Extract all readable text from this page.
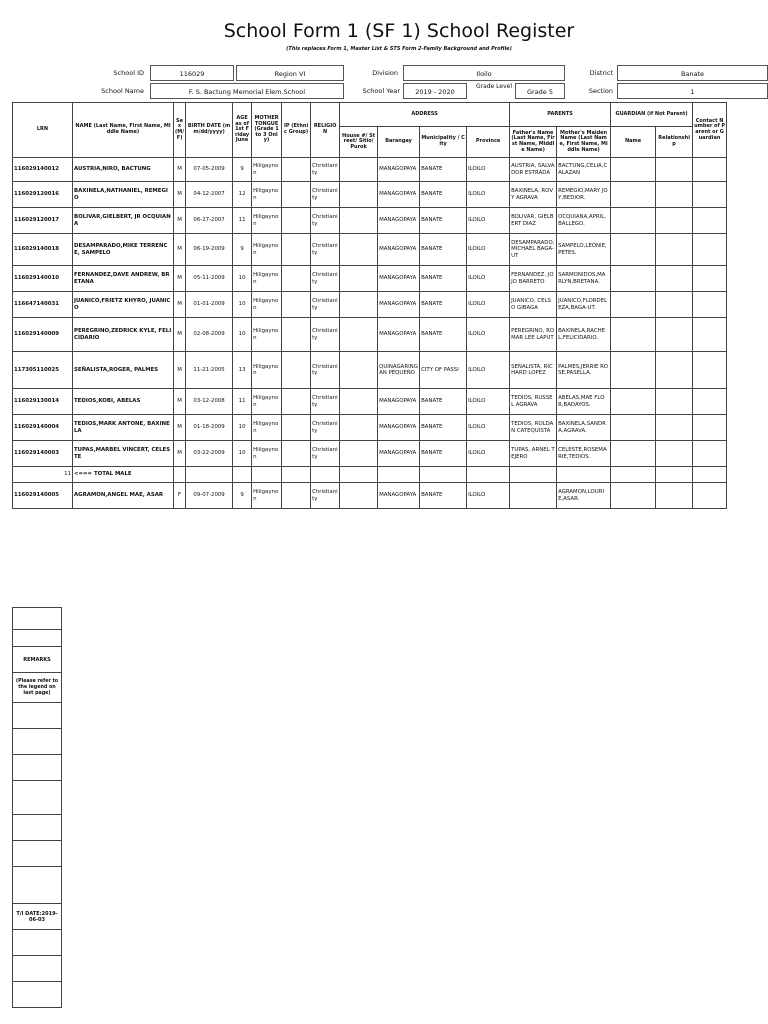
School Form 1 (SF 1) School Register
(This replaces Form 1, Master List & STS Form 2-Family Background and Profile)
School ID	116029	Region VI	Division	Iloilo	District	Banate
School Name	F. S. Bactung Memorial Elem.School	School Year	2019 - 2020
Grade Level
Grade 5	Section	1
LRN	NAME (Last Name, First Name, Middle Name)	Sex (M/F)	BIRTH DATE (mm/dd/yyyy)	AGE as of 1st Friday June	MOTHER TONGUE (Grade 1 to 3 Only)	IP (Ethnic Group)	RELIGION	ADDRESS				PARENTS		GUARDIAN (if Not Parent)		Contact Number of Parent or Guardian
								House #/ Street/ Sitio/ Purok	Barangay	Municipality / City	Province	Father's Name (Last Name, First Name, Middle Name)	Mother's Maiden Name (Last Name, First Name, Middle Name)	Name	Relationship	
116029140012	AUSTRIA,NIRO, BACTUNG	M	07-05-2009	9	Hiligaynon		Christianity		MANAGOPAYA	BANATE	ILOILO	AUSTRIA, SALVADOR ESTRADA	BACTUNG,CELIA,CALAZAN			
116029120016	BAXINELA,NATHANIEL, REMEGIO	M	04-12-2007	12	Hiligaynon		Christianity		MANAGOPAYA	BANATE	ILOILO	BAXINELA, ROVY AGRAVA	REMEGIO,MARY JOY,BEDIOR.			
116029120017	BOLIVAR,GIELBERT, JR OCQUIANA	M	06-27-2007	11	Hiligaynon		Christianity		MANAGOPAYA	BANATE	ILOILO	BOLIVAR, GIELBERT DIAZ	OCQUIANA,APRIL,BALLEGO.			
116029140018	DESAMPARADO,MIKE TERRENCE, SAMPELO	M	06-19-2009	9	Hiligaynon		Christianity		MANAGOPAYA	BANATE	ILOILO	DESAMPARADO, MICHAEL BAGA-UT	SAMPELO,LEONIE,PETES.			
116029140010	FERNANDEZ,DAVE ANDREW, BRETANA	M	05-11-2009	10	Hiligaynon		Christianity		MANAGOPAYA	BANATE	ILOILO	FERNANDEZ, JOJO BARRETO	SARMONIDOS,MARLYN,BRETANA.			
116647140031	JUANICO,FRIETZ KHYRO, JUANICO	M	01-01-2009	10	Hiligaynon		Christianity		MANAGOPAYA	BANATE	ILOILO	JUANICO, CELSO GIBAGA	JUANICO,FLORDELEZA,BAGA-UT.			
116029140009	PEREGRINO,ZEDRICK KYLE, FELICIDARIO	M	02-08-2009	10	Hiligaynon		Christianity		MANAGOPAYA	BANATE	ILOILO	PEREGRINO, ROMAR LEE LAPUT	BAXINELA,RACHEL,FELICIDARIO.			
117305110025	SEÑALISTA,ROGER, PALMES	M	11-21-2005	13	Hiligaynon		Christianity		QUINAGARINGAN PEQUEÑO	CITY OF PASSI	ILOILO	SEÑALISTA, RICHARD LOPEZ	PALMES,JERRIE ROSE,PASELLA.			
116029130014	TEDIOS,KOBI, ABELAS	M	03-12-2008	11	Hiligaynon		Christianity		MANAGOPAYA	BANATE	ILOILO	TEDIOS, RUSSEL AGRAVA	ABELAS,MAE FLOR,BADAYOS.			
116029140004	TEDIOS,MARK ANTONE, BAXINELA	M	01-18-2009	10	Hiligaynon		Christianity		MANAGOPAYA	BANATE	ILOILO	TEDIOS, ROLDAN CATEQUISTA	BAXINELA,SANDRA,AGRAVA.			
116029140003	TUPAS,MARBEL VINCERT, CELESTE	M	03-22-2009	10	Hiligaynon		Christianity		MANAGOPAYA	BANATE	ILOILO	TUPAS, ARNEL TEJERO	CELESTE,ROSEMARIE,TEDIOS.			
11	<=== TOTAL MALE															
116029140005	AGRAMON,ANGEL MAE, ASAR	F	09-07-2009	9	Hiligaynon		Christianity		MANAGOPAYA	BANATE	ILOILO		AGRAMON,LOURIE,ASAR.			

REMARKS
(Please refer to the legend on last page)

T/I DATE:2019-06-03
